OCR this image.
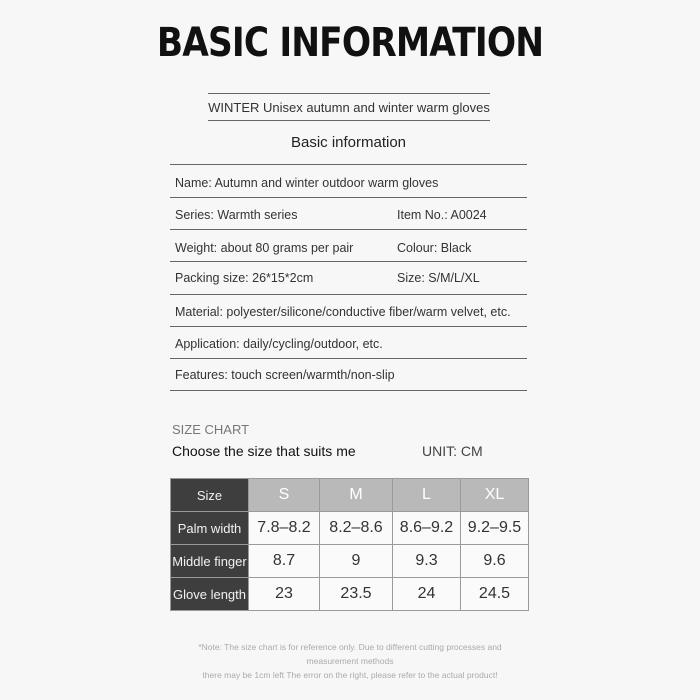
BASIC INFORMATION
WINTER Unisex autumn and winter warm gloves
Basic information
Name: Autumn and winter outdoor warm gloves
Series: Warmth series	Item No.: A0024
Weight: about 80 grams per pair	Colour: Black
Packing size: 26*15*2cm	Size: S/M/L/XL
Material: polyester/silicone/conductive fiber/warm velvet, etc.
Application: daily/cycling/outdoor, etc.
Features: touch screen/warmth/non-slip
SIZE CHART
Choose the size that suits me	UNIT: CM
Size	S	M	L	XL
Palm width	7.8–8.2	8.2–8.6	8.6–9.2	9.2–9.5
Middle finger	8.7	9	9.3	9.6
Glove length	23	23.5	24	24.5
*Note: The size chart is for reference only. Due to different cutting processes and
measurement methods
there may be 1cm left The error on the right, please refer to the actual product!
